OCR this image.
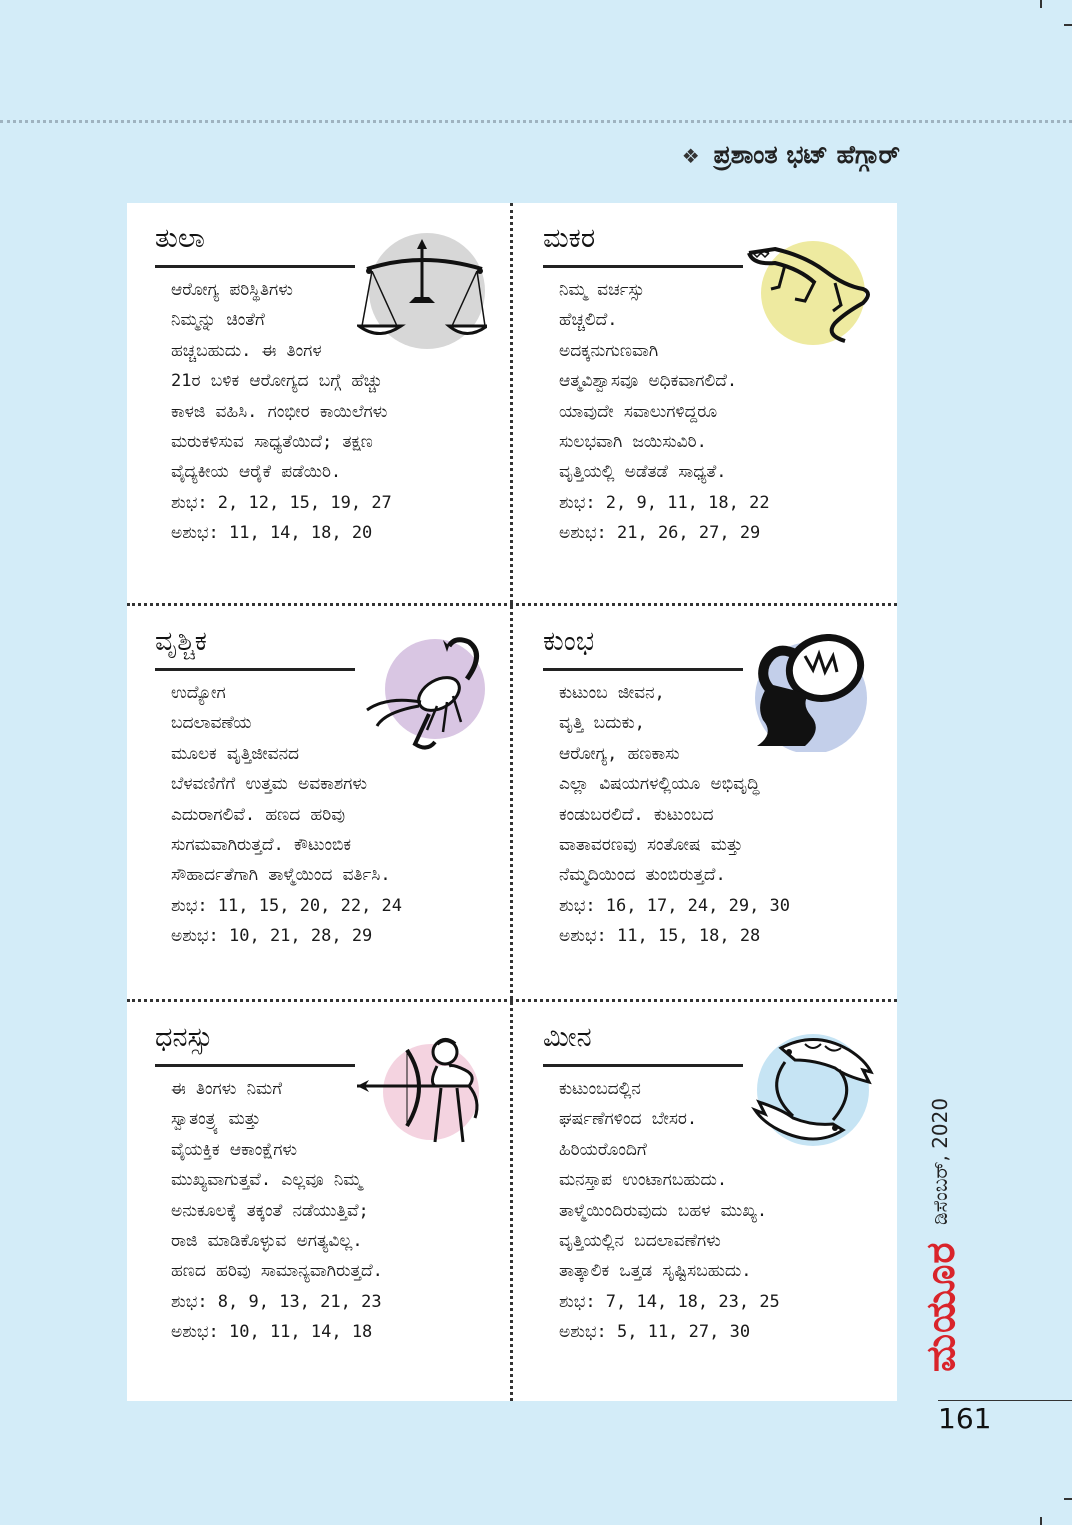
❖ ಪ್ರಶಾಂತ ಭಟ್ ಹೆಗ್ಗಾರ್
ತುಲಾ
ಆರೋಗ್ಯ ಪರಿಸ್ಥಿತಿಗಳು
ನಿಮ್ಮನ್ನು ಚಿಂತೆಗೆ
ಹಚ್ಚಬಹುದು. ಈ ತಿಂಗಳ
21ರ ಬಳಿಕ ಆರೋಗ್ಯದ ಬಗ್ಗೆ ಹೆಚ್ಚು
ಕಾಳಜಿ ವಹಿಸಿ. ಗಂಭೀರ ಕಾಯಿಲೆಗಳು
ಮರುಕಳಿಸುವ ಸಾಧ್ಯತೆಯಿದೆ; ತಕ್ಷಣ
ವೈದ್ಯಕೀಯ ಆರೈಕೆ ಪಡೆಯಿರಿ.
ಶುಭ: 2, 12, 15, 19, 27
ಅಶುಭ: 11, 14, 18, 20
ಮಕರ
ನಿಮ್ಮ ವರ್ಚಸ್ಸು
ಹೆಚ್ಚಲಿದೆ.
ಅದಕ್ಕನುಗುಣವಾಗಿ
ಆತ್ಮವಿಶ್ವಾಸವೂ ಅಧಿಕವಾಗಲಿದೆ.
ಯಾವುದೇ ಸವಾಲುಗಳಿದ್ದರೂ
ಸುಲಭವಾಗಿ ಜಯಿಸುವಿರಿ.
ವೃತ್ತಿಯಲ್ಲಿ ಅಡೆತಡೆ ಸಾಧ್ಯತೆ.
ಶುಭ: 2, 9, 11, 18, 22
ಅಶುಭ: 21, 26, 27, 29
ವೃಶ್ಚಿಕ
ಉದ್ಯೋಗ
ಬದಲಾವಣೆಯ
ಮೂಲಕ ವೃತ್ತಿಜೀವನದ
ಬೆಳವಣಿಗೆಗೆ ಉತ್ತಮ ಅವಕಾಶಗಳು
ಎದುರಾಗಲಿವೆ. ಹಣದ ಹರಿವು
ಸುಗಮವಾಗಿರುತ್ತದೆ. ಕೌಟುಂಬಿಕ
ಸೌಹಾರ್ದತೆಗಾಗಿ ತಾಳ್ಮೆಯಿಂದ ವರ್ತಿಸಿ.
ಶುಭ: 11, 15, 20, 22, 24
ಅಶುಭ: 10, 21, 28, 29
ಕುಂಭ
ಕುಟುಂಬ ಜೀವನ,
ವೃತ್ತಿ ಬದುಕು,
ಆರೋಗ್ಯ, ಹಣಕಾಸು
ಎಲ್ಲಾ ವಿಷಯಗಳಲ್ಲಿಯೂ ಅಭಿವೃದ್ಧಿ
ಕಂಡುಬರಲಿದೆ. ಕುಟುಂಬದ
ವಾತಾವರಣವು ಸಂತೋಷ ಮತ್ತು
ನೆಮ್ಮದಿಯಿಂದ ತುಂಬಿರುತ್ತದೆ.
ಶುಭ: 16, 17, 24, 29, 30
ಅಶುಭ: 11, 15, 18, 28
ಧನಸ್ಸು
ಈ ತಿಂಗಳು ನಿಮಗೆ
ಸ್ವಾತಂತ್ರ್ಯ ಮತ್ತು
ವೈಯಕ್ತಿಕ ಆಕಾಂಕ್ಷೆಗಳು
ಮುಖ್ಯವಾಗುತ್ತವೆ. ಎಲ್ಲವೂ ನಿಮ್ಮ
ಅನುಕೂಲಕ್ಕೆ ತಕ್ಕಂತೆ ನಡೆಯುತ್ತಿವೆ;
ರಾಜಿ ಮಾಡಿಕೊಳ್ಳುವ ಅಗತ್ಯವಿಲ್ಲ.
ಹಣದ ಹರಿವು ಸಾಮಾನ್ಯವಾಗಿರುತ್ತದೆ.
ಶುಭ: 8, 9, 13, 21, 23
ಅಶುಭ: 10, 11, 14, 18
ಮೀನ
ಕುಟುಂಬದಲ್ಲಿನ
ಘರ್ಷಣೆಗಳಿಂದ ಬೇಸರ.
ಹಿರಿಯರೊಂದಿಗೆ
ಮನಸ್ತಾಪ ಉಂಟಾಗಬಹುದು.
ತಾಳ್ಮೆಯಿಂದಿರುವುದು ಬಹಳ ಮುಖ್ಯ.
ವೃತ್ತಿಯಲ್ಲಿನ ಬದಲಾವಣೆಗಳು
ತಾತ್ಕಾಲಿಕ ಒತ್ತಡ ಸೃಷ್ಟಿಸಬಹುದು.
ಶುಭ: 7, 14, 18, 23, 25
ಅಶುಭ: 5, 11, 27, 30
ಡಿಸೆಂಬರ್, 2020
ಮಯೂರ
161
